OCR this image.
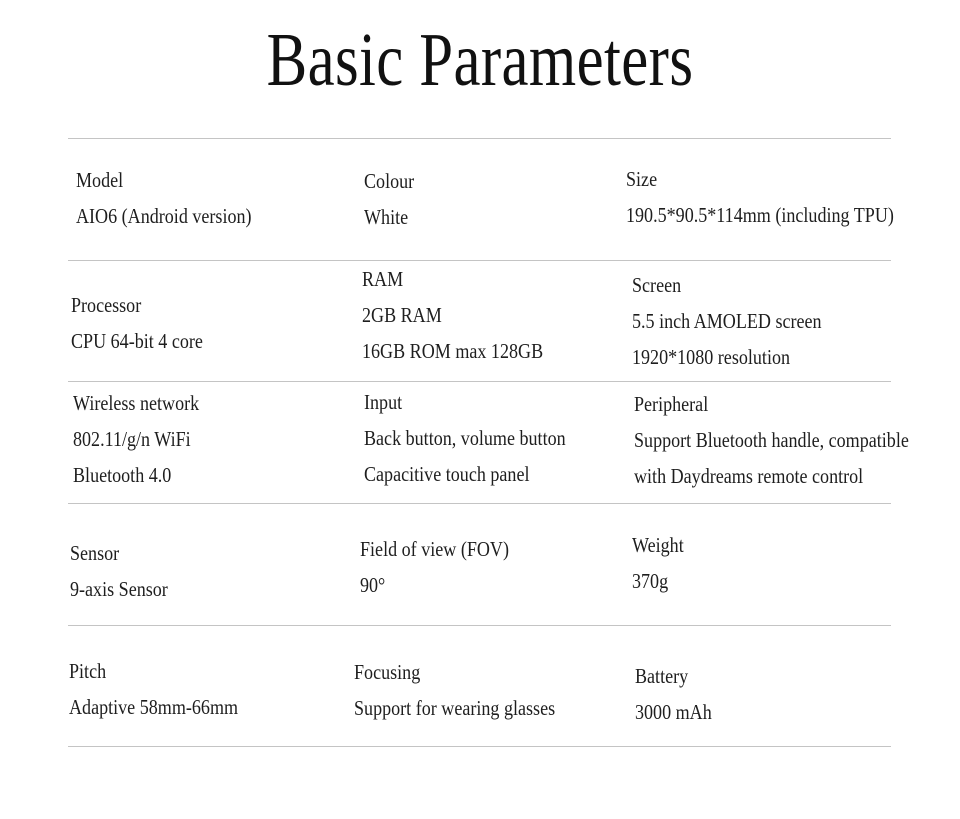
Basic Parameters
Model
AIO6 (Android version)
Colour
White
Size
190.5*90.5*114mm (including TPU)
Processor
CPU 64-bit 4 core
RAM
2GB RAM
16GB ROM max 128GB
Screen
5.5 inch AMOLED screen
1920*1080 resolution
Wireless network
802.11/g/n WiFi
Bluetooth 4.0
Input
Back button, volume button
Capacitive touch panel
Peripheral
Support Bluetooth handle, compatible
with Daydreams remote control
Sensor
9-axis Sensor
Field of view (FOV)
90°
Weight
370g
Pitch
Adaptive 58mm-66mm
Focusing
Support for wearing glasses
Battery
3000 mAh
